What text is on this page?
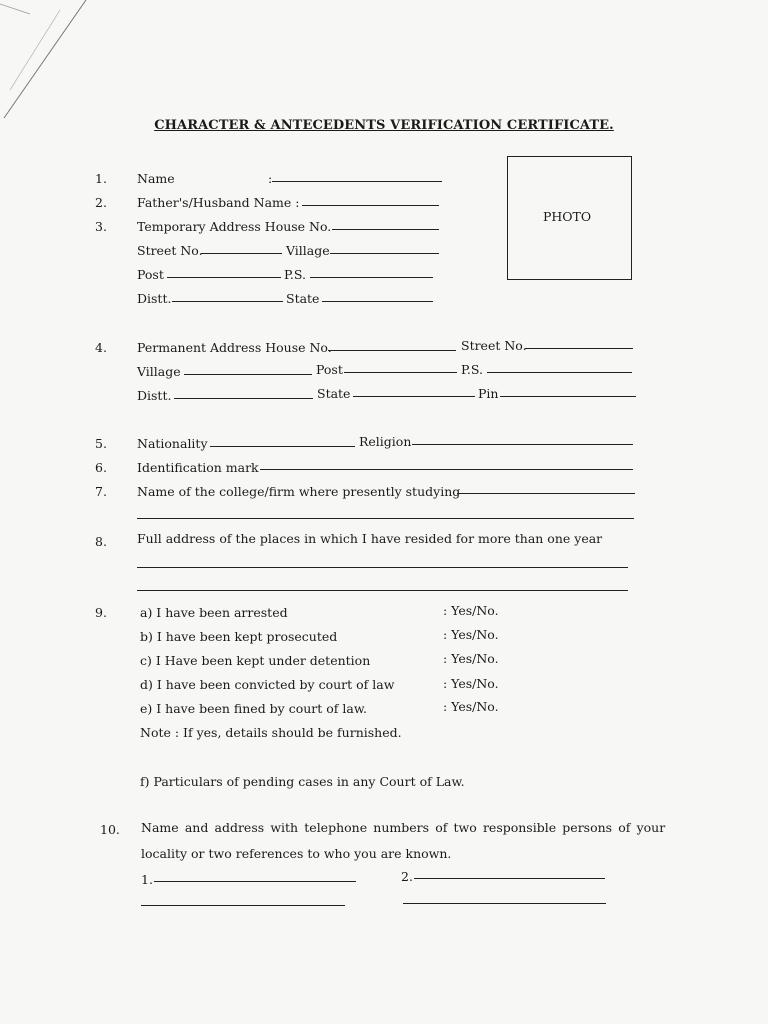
CHARACTER & ANTECEDENTS VERIFICATION CERTIFICATE.
PHOTO
1. Name	:
2. Father's/Husband Name :
3. Temporary Address House No.
Street No.	Village
Post	P.S.
Distt.	State
4. Permanent Address House No.	Street No.
Village	Post	P.S.
Distt.	State	Pin
5. Nationality	Religion
6. Identification mark
7. Name of the college/firm where presently studying
8. Full address of the places in which I have resided for more than one year
9.	a) I have been arrested	: Yes/No.
b) I have been kept prosecuted	: Yes/No.
c) I Have been kept under detention	: Yes/No.
d) I have been convicted by court of law	: Yes/No.
e) I have been fined by court of law.	: Yes/No.
Note : If yes, details should be furnished.
f) Particulars of pending cases in any Court of Law.
10. Name and address with telephone numbers of two responsible persons of your
locality or two references to who you are known.
1.	2.
